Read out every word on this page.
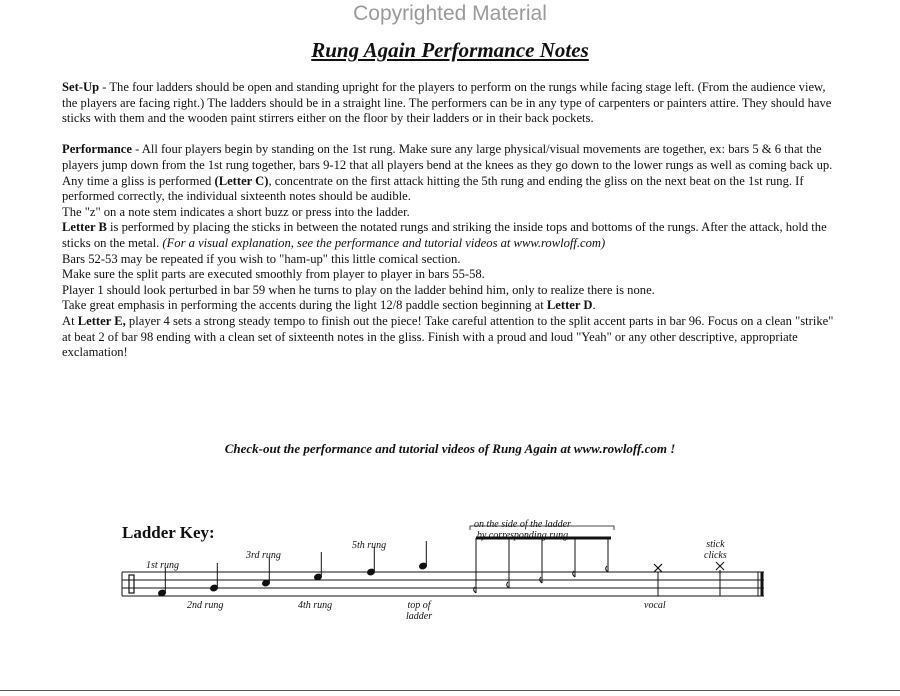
Copyrighted Material
Rung Again Performance Notes

Set-Up - The four ladders should be open and standing upright for the players to perform on the rungs while facing stage left. (From the audience view, the players are facing right.) The ladders should be in a straight line. The performers can be in any type of carpenters or painters attire. They should have sticks with them and the wooden paint stirrers either on the floor by their ladders or in their back pockets.

Performance - All four players begin by standing on the 1st rung. Make sure any large physical/visual movements are together, ex: bars 5 & 6 that the players jump down from the 1st rung together, bars 9-12 that all players bend at the knees as they go down to the lower rungs as well as coming back up.

Any time a gliss is performed (Letter C), concentrate on the first attack hitting the 5th rung and ending the gliss on the next beat on the 1st rung. If performed correctly, the individual sixteenth notes should be audible.

The "z" on a note stem indicates a short buzz or press into the ladder.

Letter B is performed by placing the sticks in between the notated rungs and striking the inside tops and bottoms of the rungs. After the attack, hold the sticks on the metal. (For a visual explanation, see the performance and tutorial videos at www.rowloff.com)

Bars 52-53 may be repeated if you wish to "ham-up" this little comical section.

Make sure the split parts are executed smoothly from player to player in bars 55-58.

Player 1 should look perturbed in bar 59 when he turns to play on the ladder behind him, only to realize there is none.

Take great emphasis in performing the accents during the light 12/8 paddle section beginning at Letter D.

At Letter E, player 4 sets a strong steady tempo to finish out the piece! Take careful attention to the split accent parts in bar 96. Focus on a clean "strike" at beat 2 of bar 98 ending with a clean set of sixteenth notes in the gliss. Finish with a proud and loud "Yeah" or any other descriptive, appropriate exclamation!

Check-out the performance and tutorial videos of Rung Again at www.rowloff.com !
Ladder Key:
1st rung
2nd rung
3rd rung
4th rung
5th rung
top of
ladder
on the side of the ladder
by corresponding rung
vocal
stick
clicks
